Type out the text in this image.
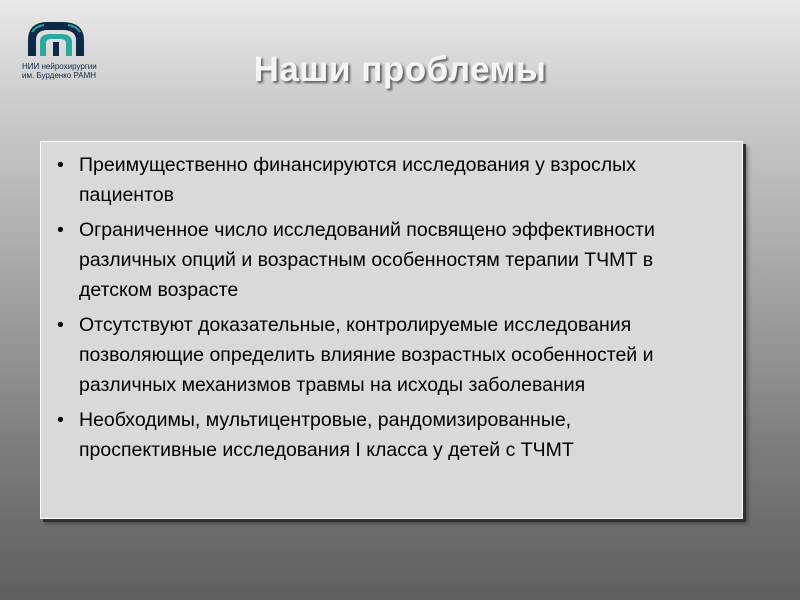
НИИ нейрохирургии
им. Бурденко РАМН	Наши проблемы
• Преимущественно финансируются исследования у взрослых пациентов
• Ограниченное число исследований посвящено эффективности различных опций и возрастным особенностям терапии ТЧМТ в детском возрасте
• Отсутствуют доказательные, контролируемые исследования позволяющие определить влияние возрастных особенностей и различных механизмов травмы на исходы заболевания
• Необходимы, мультицентровые, рандомизированные, проспективные исследования I класса у детей с ТЧМТ
